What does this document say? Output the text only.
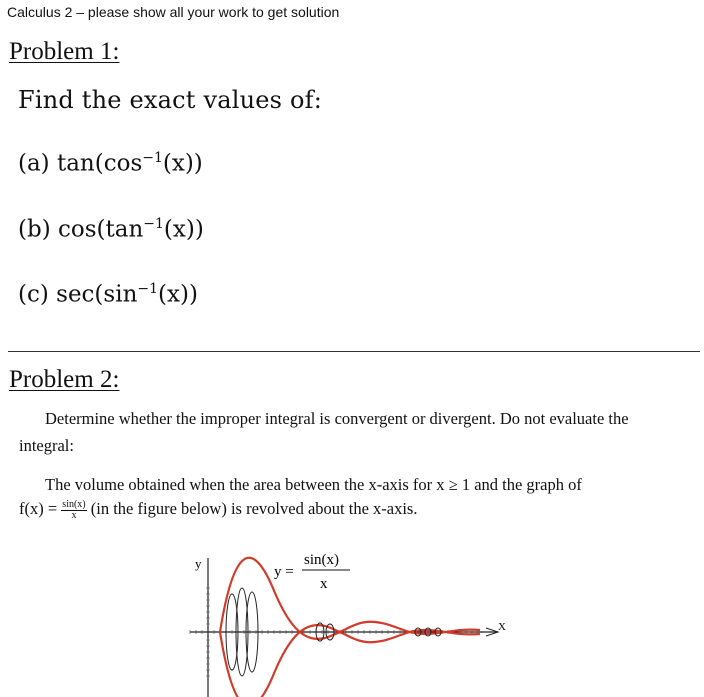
Calculus 2 – please show all your work to get solution
Problem 1:
Find the exact values of:
(a) $\tan(\cos^{-1}(x))$
(b) $\cos(\tan^{-1}(x))$
(c) $\sec(\sin^{-1}(x))$
Problem 2:
Determine whether the improper integral is convergent or divergent. Do not evaluate the
integral:
The volume obtained when the area between the x-axis for x ≥ 1 and the graph of
$f(x) = \frac{\sin(x)}{x} (in$ the figure below) is revolved about the x-axis.
y
y =
sin(x)
x
X
